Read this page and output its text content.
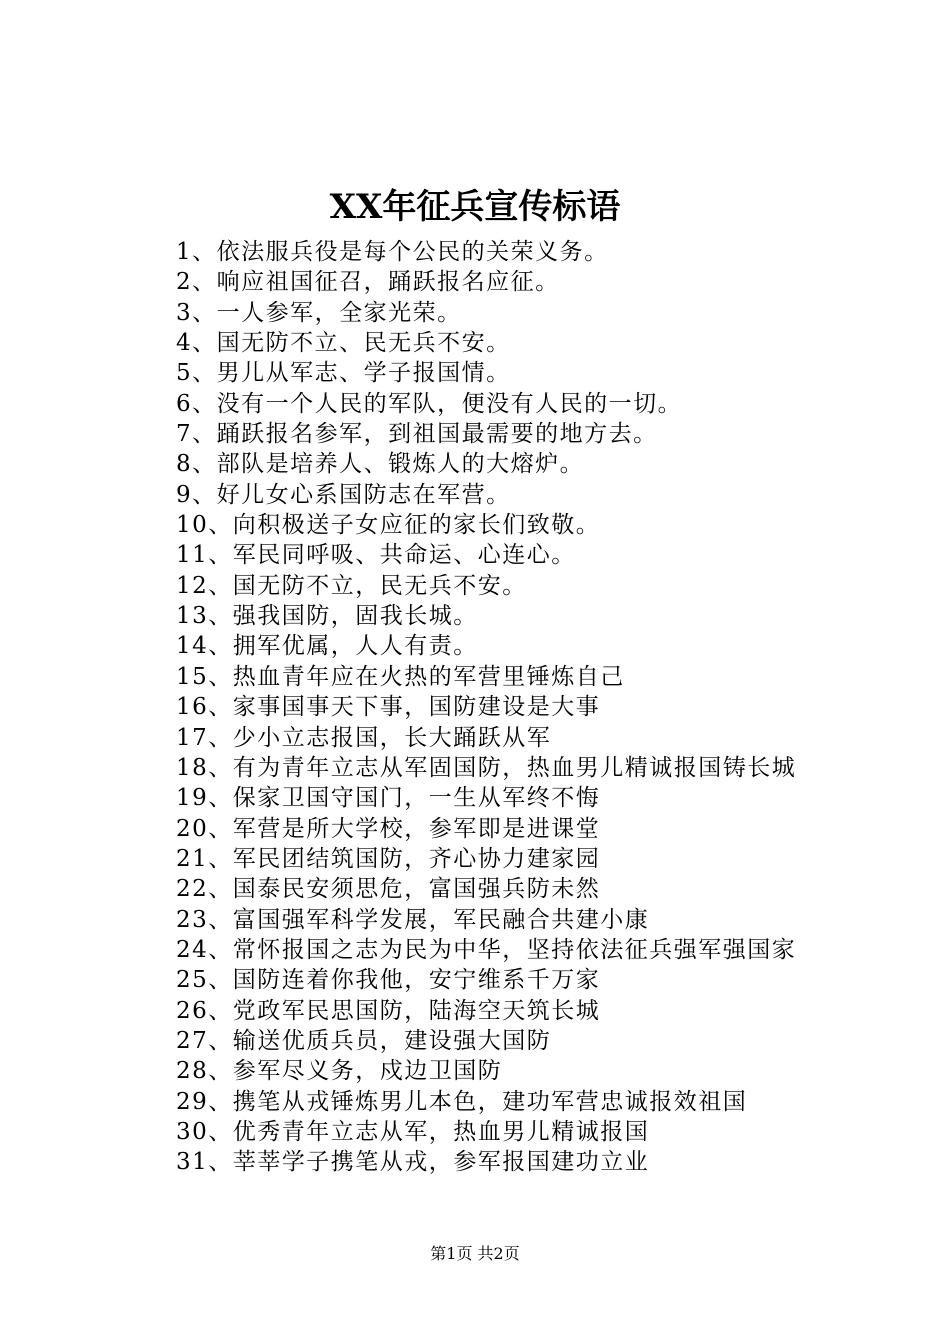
XX年征兵宣传标语
1、依法服兵役是每个公民的关荣义务。
2、响应祖国征召，踊跃报名应征。
3、一人参军，全家光荣。
4、国无防不立、民无兵不安。
5、男儿从军志、学子报国情。
6、没有一个人民的军队，便没有人民的一切。
7、踊跃报名参军，到祖国最需要的地方去。
8、部队是培养人、锻炼人的大熔炉。
9、好儿女心系国防志在军营。
10、向积极送子女应征的家长们致敬。
11、军民同呼吸、共命运、心连心。
12、国无防不立，民无兵不安。
13、强我国防，固我长城。
14、拥军优属，人人有责。
15、热血青年应在火热的军营里锤炼自己
16、家事国事天下事，国防建设是大事
17、少小立志报国，长大踊跃从军
18、有为青年立志从军固国防，热血男儿精诚报国铸长城
19、保家卫国守国门，一生从军终不悔
20、军营是所大学校，参军即是进课堂
21、军民团结筑国防，齐心协力建家园
22、国泰民安须思危，富国强兵防未然
23、富国强军科学发展，军民融合共建小康
24、常怀报国之志为民为中华，坚持依法征兵强军强国家
25、国防连着你我他，安宁维系千万家
26、党政军民思国防，陆海空天筑长城
27、输送优质兵员，建设强大国防
28、参军尽义务，戍边卫国防
29、携笔从戎锤炼男儿本色，建功军营忠诚报效祖国
30、优秀青年立志从军，热血男儿精诚报国
31、莘莘学子携笔从戎，参军报国建功立业
第1页 共2页
